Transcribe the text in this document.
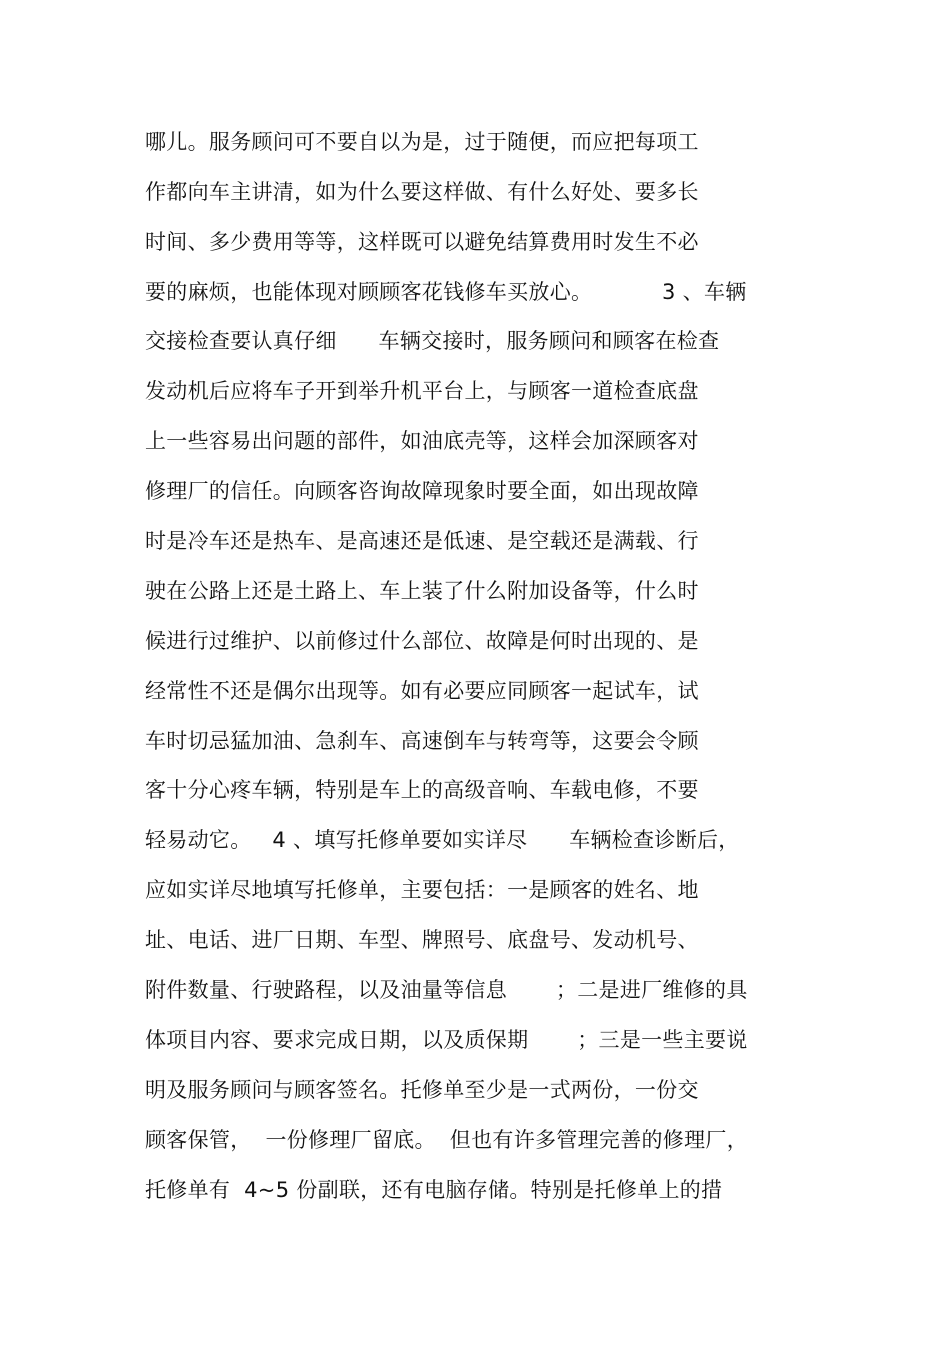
哪儿。服务顾问可不要自以为是，过于随便，而应把每项工
作都向车主讲清，如为什么要这样做、有什么好处、要多长
时间、多少费用等等，这样既可以避免结算费用时发生不必
要的麻烦，也能体现对顾顾客花钱修车买放心。          3 、车辆
交接检查要认真仔细      车辆交接时，服务顾问和顾客在检查
发动机后应将车子开到举升机平台上，与顾客一道检查底盘
上一些容易出问题的部件，如油底壳等，这样会加深顾客对
修理厂的信任。向顾客咨询故障现象时要全面，如出现故障
时是冷车还是热车、是高速还是低速、是空载还是满载、行
驶在公路上还是土路上、车上装了什么附加设备等，什么时
候进行过维护、以前修过什么部位、故障是何时出现的、是
经常性不还是偶尔出现等。如有必要应同顾客一起试车，试
车时切忌猛加油、急刹车、高速倒车与转弯等，这要会令顾
客十分心疼车辆，特别是车上的高级音响、车载电修，不要
轻易动它。   4 、填写托修单要如实详尽      车辆检查诊断后，
应如实详尽地填写托修单，主要包括：一是顾客的姓名、地
址、电话、进厂日期、车型、牌照号、底盘号、发动机号、
附件数量、行驶路程，以及油量等信息       ；二是进厂维修的具
体项目内容、要求完成日期，以及质保期       ；三是一些主要说
明及服务顾问与顾客签名。托修单至少是一式两份，一份交
顾客保管，  一份修理厂留底。  但也有许多管理完善的修理厂，
托修单有  4~5 份副联，还有电脑存储。特别是托修单上的措
